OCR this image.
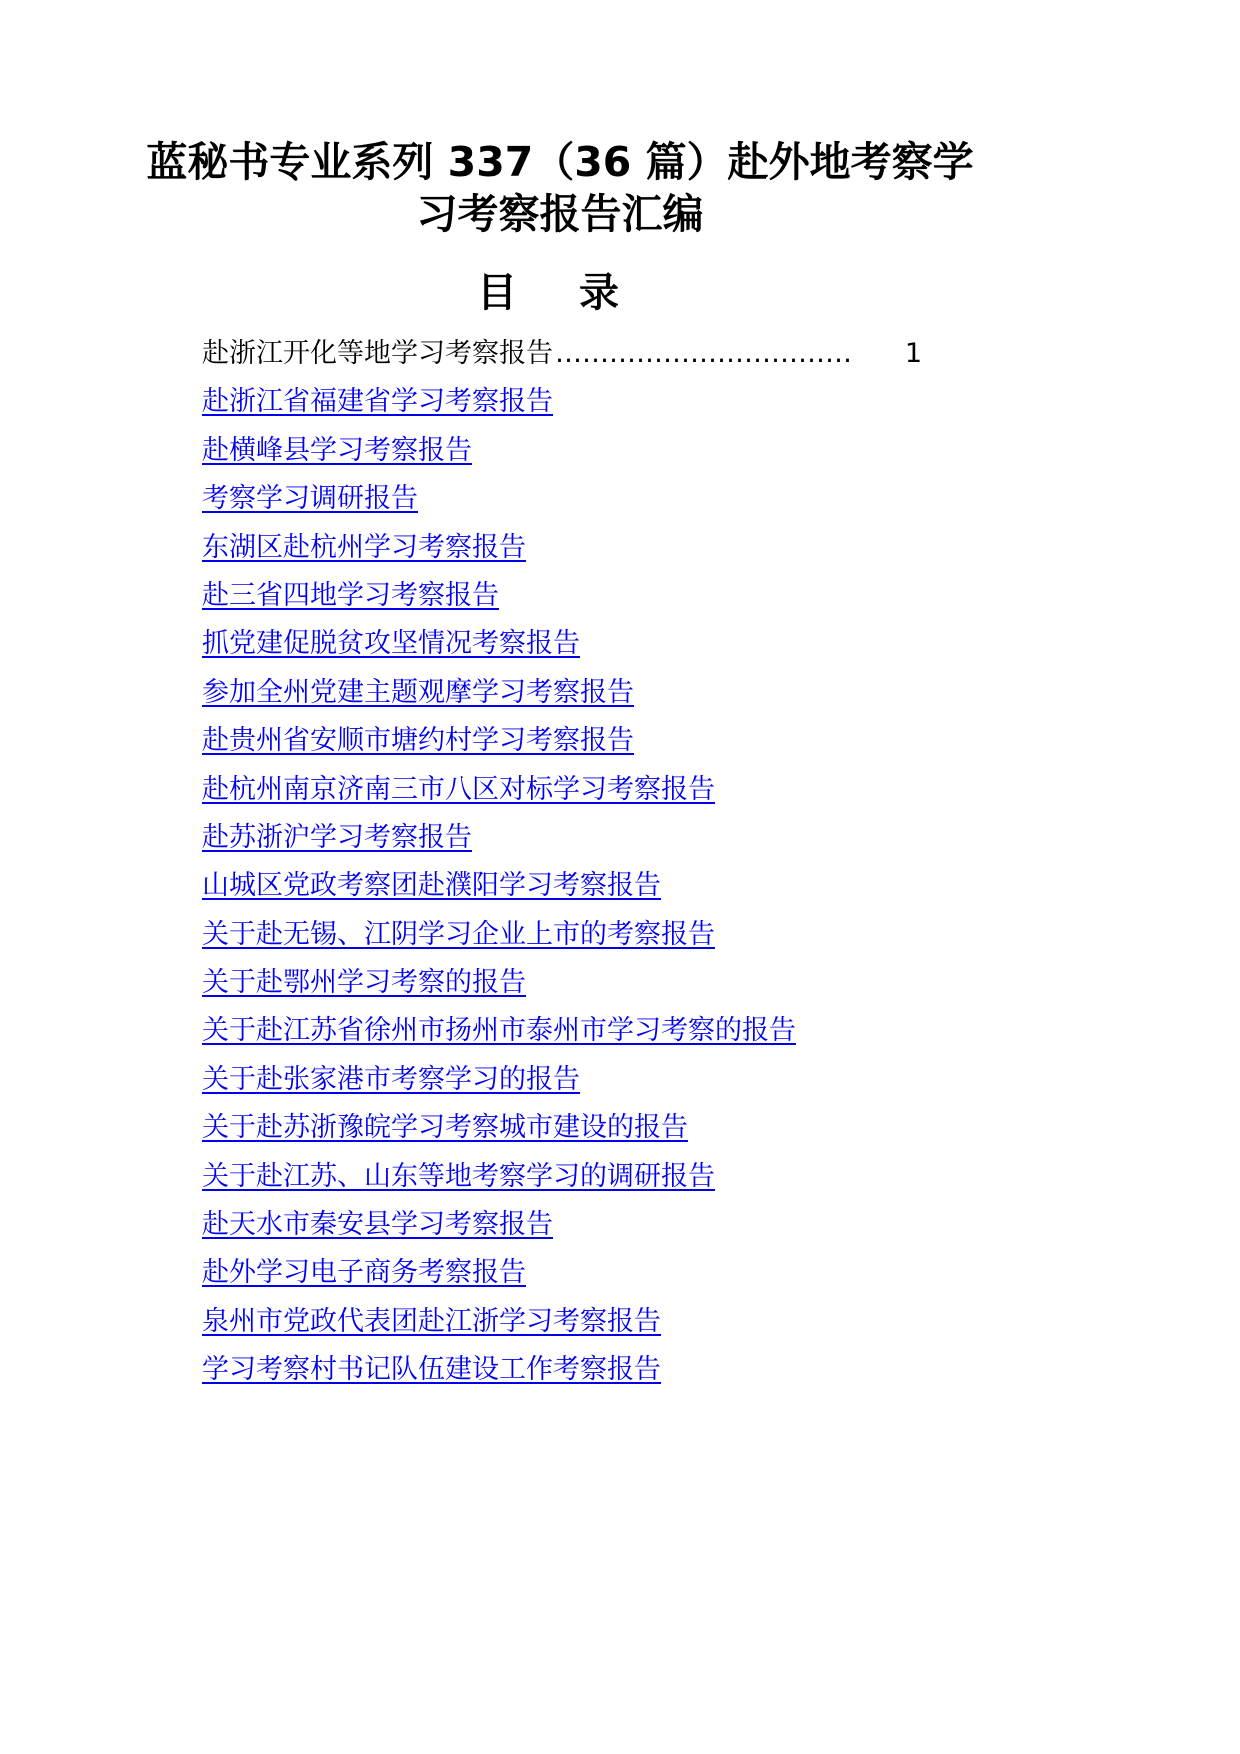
蓝秘书专业系列 337（36 篇）赴外地考察学习考察报告汇编
目 录
赴浙江开化等地学习考察报告 ……………………………	1
赴浙江省福建省学习考察报告
赴横峰县学习考察报告
考察学习调研报告
东湖区赴杭州学习考察报告
赴三省四地学习考察报告
抓党建促脱贫攻坚情况考察报告
参加全州党建主题观摩学习考察报告
赴贵州省安顺市塘约村学习考察报告
赴杭州南京济南三市八区对标学习考察报告
赴苏浙沪学习考察报告
山城区党政考察团赴濮阳学习考察报告
关于赴无锡、江阴学习企业上市的考察报告
关于赴鄂州学习考察的报告
关于赴江苏省徐州市扬州市泰州市学习考察的报告
关于赴张家港市考察学习的报告
关于赴苏浙豫皖学习考察城市建设的报告
关于赴江苏、山东等地考察学习的调研报告
赴天水市秦安县学习考察报告
赴外学习电子商务考察报告
泉州市党政代表团赴江浙学习考察报告
学习考察村书记队伍建设工作考察报告
